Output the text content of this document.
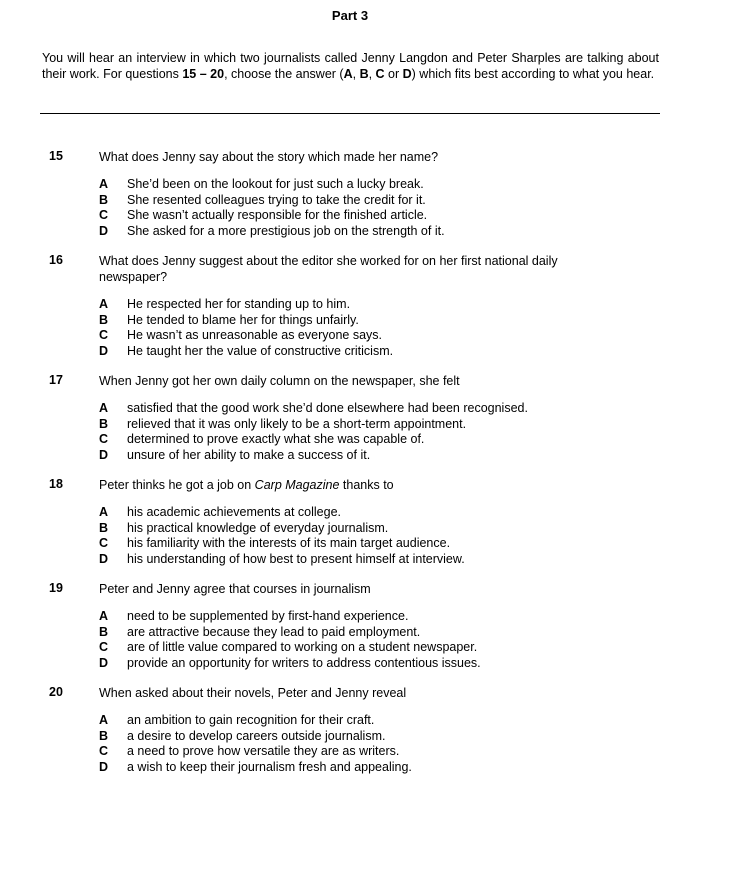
Part 3
You will hear an interview in which two journalists called Jenny Langdon and Peter Sharples are talking about their work. For questions 15 – 20, choose the answer (A, B, C or D) which fits best according to what you hear.
15	What does Jenny say about the story which made her name?
A She’d been on the lookout for just such a lucky break.
B She resented colleagues trying to take the credit for it.
C She wasn’t actually responsible for the finished article.
D She asked for a more prestigious job on the strength of it.
16	What does Jenny suggest about the editor she worked for on her first national daily newspaper?
A He respected her for standing up to him.
B He tended to blame her for things unfairly.
C He wasn’t as unreasonable as everyone says.
D He taught her the value of constructive criticism.
17	When Jenny got her own daily column on the newspaper, she felt
A satisfied that the good work she’d done elsewhere had been recognised.
B relieved that it was only likely to be a short-term appointment.
C determined to prove exactly what she was capable of.
D unsure of her ability to make a success of it.
18	Peter thinks he got a job on Carp Magazine thanks to
A his academic achievements at college.
B his practical knowledge of everyday journalism.
C his familiarity with the interests of its main target audience.
D his understanding of how best to present himself at interview.
19	Peter and Jenny agree that courses in journalism
A need to be supplemented by first-hand experience.
B are attractive because they lead to paid employment.
C are of little value compared to working on a student newspaper.
D provide an opportunity for writers to address contentious issues.
20	When asked about their novels, Peter and Jenny reveal
A an ambition to gain recognition for their craft.
B a desire to develop careers outside journalism.
C a need to prove how versatile they are as writers.
D a wish to keep their journalism fresh and appealing.
